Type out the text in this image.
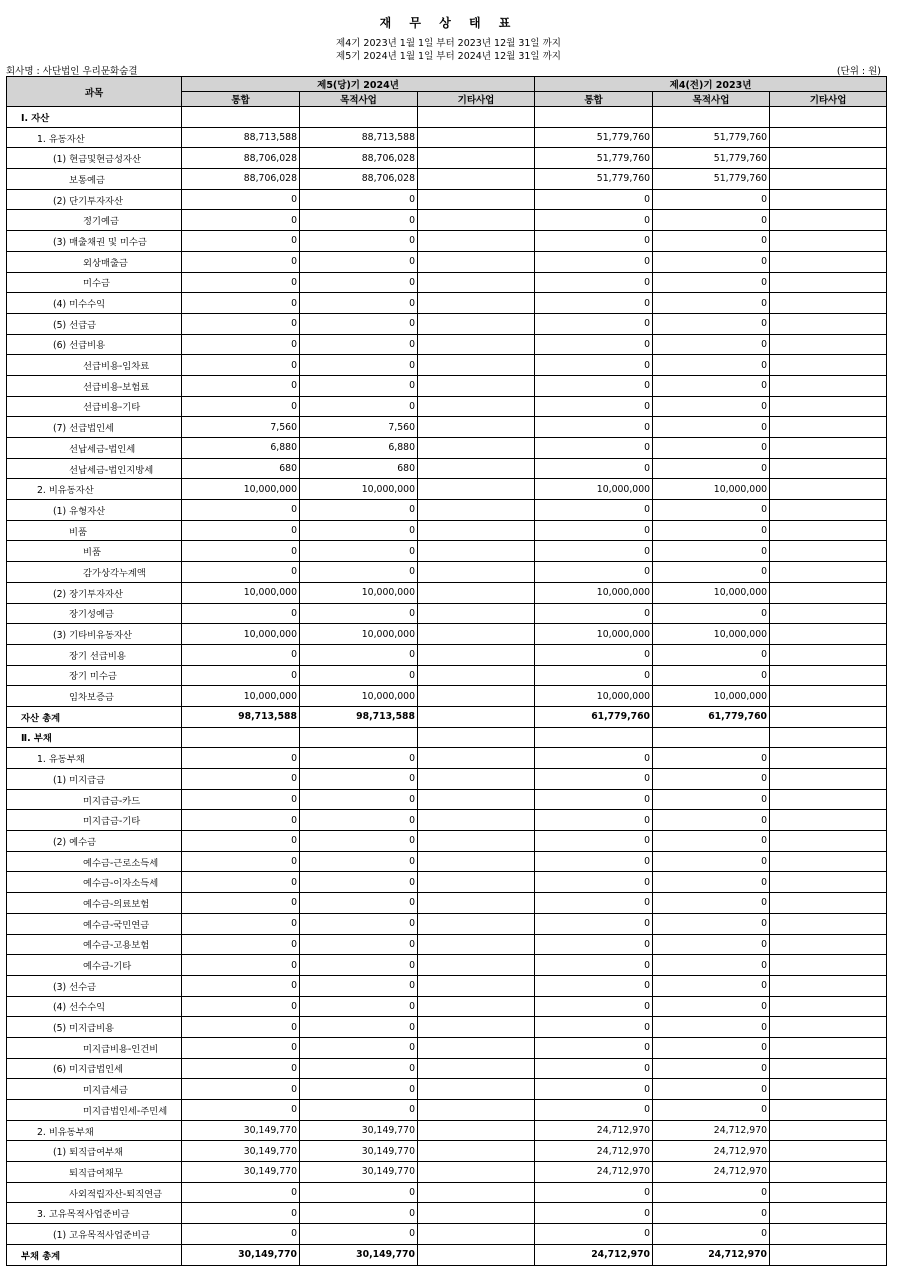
재 무 상 태 표
제4기 2023년 1월 1일 부터 2023년 12월 31일 까지
제5기 2024년 1월 1일 부터 2024년 12월 31일 까지
회사명 : 사단법인 우리문화숨결	(단위 : 원)
과목	제5(당)기 2024년			제4(전)기 2023년		
	통합	목적사업	기타사업	통합	목적사업	기타사업
Ⅰ. 자산						
1. 유동자산	88,713,588	88,713,588		51,779,760	51,779,760	
(1) 현금및현금성자산	88,706,028	88,706,028		51,779,760	51,779,760	
보통예금	88,706,028	88,706,028		51,779,760	51,779,760	
(2) 단기투자자산	0	0		0	0	
정기예금	0	0		0	0	
(3) 매출채권 및 미수금	0	0		0	0	
외상매출금	0	0		0	0	
미수금	0	0		0	0	
(4) 미수수익	0	0		0	0	
(5) 선급금	0	0		0	0	
(6) 선급비용	0	0		0	0	
선급비용-임차료	0	0		0	0	
선급비용-보험료	0	0		0	0	
선급비용-기타	0	0		0	0	
(7) 선급법인세	7,560	7,560		0	0	
선납세금-법인세	6,880	6,880		0	0	
선납세금-법인지방세	680	680		0	0	
2. 비유동자산	10,000,000	10,000,000		10,000,000	10,000,000	
(1) 유형자산	0	0		0	0	
비품	0	0		0	0	
비품	0	0		0	0	
감가상각누계액	0	0		0	0	
(2) 장기투자자산	10,000,000	10,000,000		10,000,000	10,000,000	
장기성예금	0	0		0	0	
(3) 기타비유동자산	10,000,000	10,000,000		10,000,000	10,000,000	
장기 선급비용	0	0		0	0	
장기 미수금	0	0		0	0	
임차보증금	10,000,000	10,000,000		10,000,000	10,000,000	
자산 총계	98,713,588	98,713,588		61,779,760	61,779,760	
Ⅱ. 부채						
1. 유동부채	0	0		0	0	
(1) 미지급금	0	0		0	0	
미지급금-카드	0	0		0	0	
미지급금-기타	0	0		0	0	
(2) 예수금	0	0		0	0	
예수금-근로소득세	0	0		0	0	
예수금-이자소득세	0	0		0	0	
예수금-의료보험	0	0		0	0	
예수금-국민연금	0	0		0	0	
예수금-고용보험	0	0		0	0	
예수금-기타	0	0		0	0	
(3) 선수금	0	0		0	0	
(4) 선수수익	0	0		0	0	
(5) 미지급비용	0	0		0	0	
미지급비용-인건비	0	0		0	0	
(6) 미지급법인세	0	0		0	0	
미지급세금	0	0		0	0	
미지급법인세-주민세	0	0		0	0	
2. 비유동부채	30,149,770	30,149,770		24,712,970	24,712,970	
(1) 퇴직급여부채	30,149,770	30,149,770		24,712,970	24,712,970	
퇴직급여채무	30,149,770	30,149,770		24,712,970	24,712,970	
사외적립자산-퇴직연금	0	0		0	0	
3. 고유목적사업준비금	0	0		0	0	
(1) 고유목적사업준비금	0	0		0	0	
부채 총계	30,149,770	30,149,770		24,712,970	24,712,970	
